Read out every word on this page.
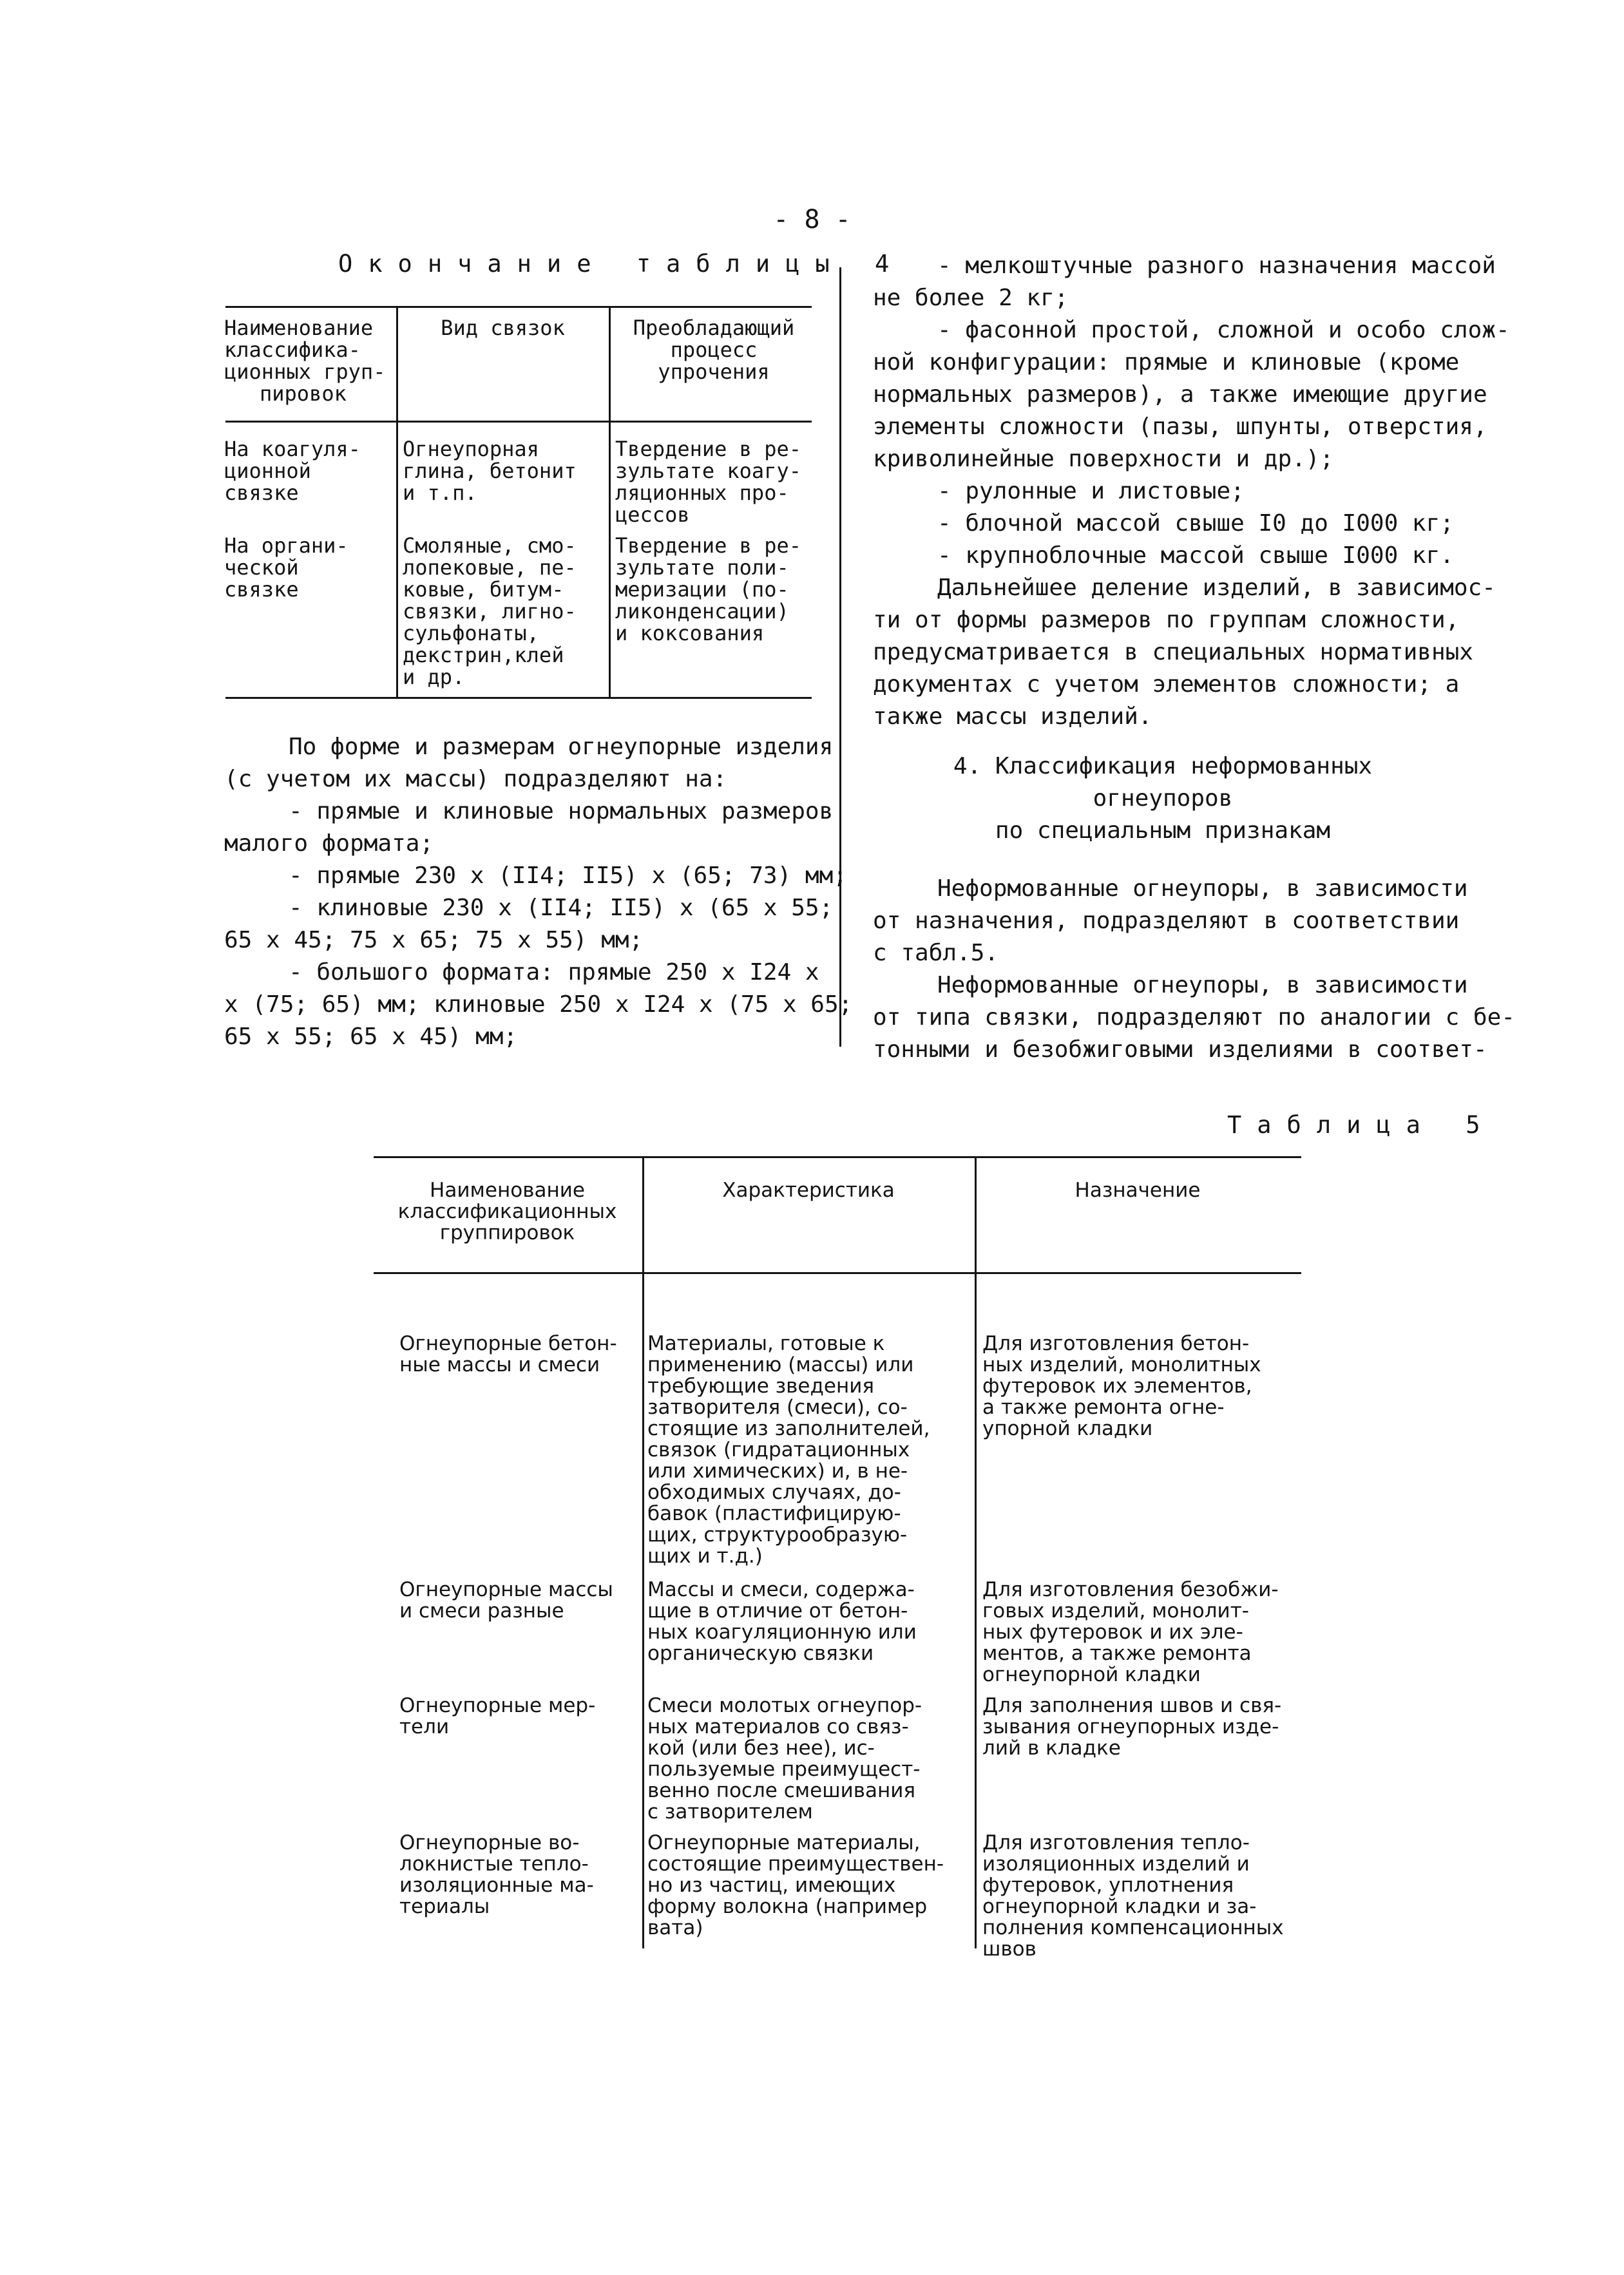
- 8 -
Окончание таблицы 4
Наименование
классифика-
ционных груп-
пировок
Вид связок	Преобладающий
процесс
упрочения
На коагуля-
ционной
связке
Огнеупорная
глина, бетонит
и т.п.
Твердение в ре-
зультате коагу-
ляционных про-
цессов
На органи-
ческой
связке
Смоляные, смо-
лопековые, пе-
ковые, битум-
связки, лигно-
сульфонаты,
декстрин,клей
и др.
Твердение в ре-
зультате поли-
меризации (по-
ликонденсации)
и коксования
По форме и размерам огнеупорные изделия
(с учетом их массы) подразделяют на:
- прямые и клиновые нормальных размеров
малого формата;
- прямые 230 х (II4; II5) х (65; 73) мм;
- клиновые 230 х (II4; II5) х (65 х 55;
65 х 45; 75 х 65; 75 х 55) мм;
- большого формата: прямые 250 х I24 х
х (75; 65) мм; клиновые 250 х I24 х (75 х 65;
65 х 55; 65 х 45) мм;
- мелкоштучные разного назначения массой
не более 2 кг;
- фасонной простой, сложной и особо слож-
ной конфигурации: прямые и клиновые (кроме
нормальных размеров), а также имеющие другие
элементы сложности (пазы, шпунты, отверстия,
криволинейные поверхности и др.);
- рулонные и листовые;
- блочной массой свыше I0 до I000 кг;
- крупноблочные массой свыше I000 кг.
Дальнейшее деление изделий, в зависимос-
ти от формы размеров по группам сложности,
предусматривается в специальных нормативных
документах с учетом элементов сложности; а
также массы изделий.
4. Классификация неформованных
огнеупоров
по специальным признакам
Неформованные огнеупоры, в зависимости
от назначения, подразделяют в соответствии
с табл.5.
Неформованные огнеупоры, в зависимости
от типа связки, подразделяют по аналогии с бе-
тонными и безобжиговыми изделиями в соответ-
Таблица 5
Наименование
классификационных
группировок
Характеристика	Назначение
Огнеупорные бетон-
ные массы и смеси
Материалы, готовые к
применению (массы) или
требующие зведения
затворителя (смеси), со-
стоящие из заполнителей,
связок (гидратационных
или химических) и, в не-
обходимых случаях, до-
бавок (пластифицирую-
щих, структурообразую-
щих и т.д.)
Для изготовления бетон-
ных изделий, монолитных
футеровок их элементов,
а также ремонта огне-
упорной кладки
Огнеупорные массы
и смеси разные
Массы и смеси, содержа-
щие в отличие от бетон-
ных коагуляционную или
органическую связки
Для изготовления безобжи-
говых изделий, монолит-
ных футеровок и их эле-
ментов, а также ремонта
огнеупорной кладки
Огнеупорные мер-
тели
Смеси молотых огнеупор-
ных материалов со связ-
кой (или без нее), ис-
пользуемые преимущест-
венно после смешивания
с затворителем
Для заполнения швов и свя-
зывания огнеупорных изде-
лий в кладке
Огнеупорные во-
локнистые тепло-
изоляционные ма-
териалы
Огнеупорные материалы,
состоящие преимуществен-
но из частиц, имеющих
форму волокна (например
вата)
Для изготовления тепло-
изоляционных изделий и
футеровок, уплотнения
огнеупорной кладки и за-
полнения компенсационных
швов
